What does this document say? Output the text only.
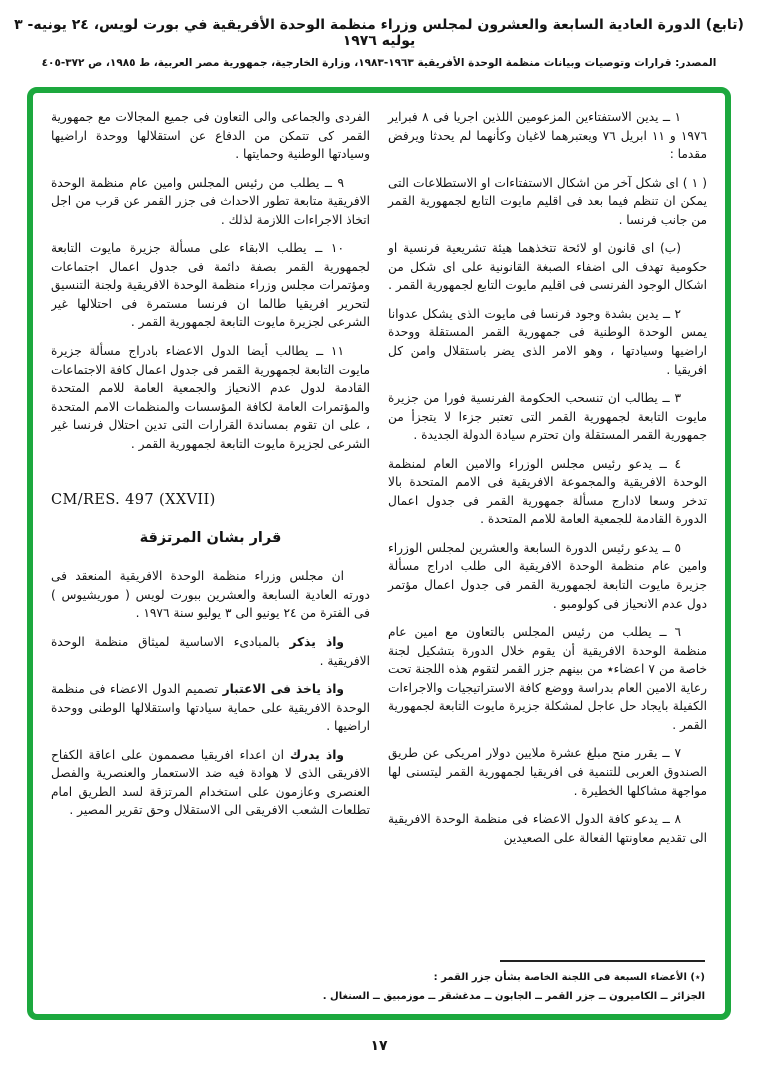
(تابع) الدورة العادية السابعة والعشرون لمجلس وزراء منظمة الوحدة الأفريقية في بورت لويس، ٢٤ يونيه- ٣ يوليه ١٩٧٦
المصدر: قرارات وتوصيات وبيانات منظمة الوحدة الأفريقية ١٩٦٣-١٩٨٣، وزارة الخارجية، جمهورية مصر العربية، ط ١٩٨٥، ص ٣٧٢-٤٠٥

١ ــ يدين الاستفتاءين المزعومين اللذين اجريا فى ٨ فبراير ١٩٧٦ و ١١ ابريل ٧٦ ويعتبرهما لاغيان وكأنهما لم يحدثا ويرفض مقدما :

( ١ ) اى شكل آخر من اشكال الاستفتاءات او الاستطلاعات التى يمكن ان تنظم فيما بعد فى اقليم مايوت التابع لجمهورية القمر من جانب فرنسا .

(ب) اى قانون او لائحة تتخذهما هيئة تشريعية فرنسية او حكومية تهدف الى اضفاء الصبغة القانونية على اى شكل من اشكال الوجود الفرنسى فى اقليم مايوت التابع لجمهورية القمر .

٢ ــ يدين بشدة وجود فرنسا فى مايوت الذى يشكل عدوانا يمس الوحدة الوطنية فى جمهورية القمر المستقلة ووحدة اراضيها وسيادتها ، وهو الامر الذى يضر باستقلال وامن كل افريقيا .

٣ ــ يطالب ان تنسحب الحكومة الفرنسية فورا من جزيرة مايوت التابعة لجمهورية القمر التى تعتبر جزءا لا يتجزأ من جمهورية القمر المستقلة وان تحترم سيادة الدولة الجديدة .

٤ ــ يدعو رئيس مجلس الوزراء والامين العام لمنظمة الوحدة الافريقية والمجموعة الافريقية فى الامم المتحدة بالا تدخر وسعا لادارج مسألة جمهورية القمر فى جدول اعمال الدورة القادمة للجمعية العامة للامم المتحدة .

٥ ــ يدعو رئيس الدورة السابعة والعشرين لمجلس الوزراء وامين عام منظمة الوحدة الافريقية الى طلب ادراج مسألة جزيرة مايوت التابعة لجمهورية القمر فى جدول اعمال مؤتمر دول عدم الانحياز فى كولومبو .

٦ ــ يطلب من رئيس المجلس بالتعاون مع امين عام منظمة الوحدة الافريقية أن يقوم خلال الدورة بتشكيل لجنة خاصة من ٧ اعضاء٭ من بينهم جزر القمر لتقوم هذه اللجنة تحت رعاية الامين العام بدراسة ووضع كافة الاستراتيجيات والاجراءات الكفيلة بايجاد حل عاجل لمشكلة جزيرة مايوت التابعة لجمهورية القمر .

٧ ــ يقرر منح مبلغ عشرة ملايين دولار امريكى عن طريق الصندوق العربى للتنمية فى افريقيا لجمهورية القمر ليتسنى لها مواجهة مشاكلها الخطيرة .

٨ ــ يدعو كافة الدول الاعضاء فى منظمة الوحدة الافريقية الى تقديم معاونتها الفعالة على الصعيدين

الفردى والجماعى والى التعاون فى جميع المجالات مع جمهورية القمر كى تتمكن من الدفاع عن استقلالها ووحدة اراضيها وسيادتها الوطنية وحمايتها .

٩ ــ يطلب من رئيس المجلس وامين عام منظمة الوحدة الافريقية متابعة تطور الاحداث فى جزر القمر عن قرب من اجل اتخاذ الاجراءات اللازمة لذلك .

١٠ ــ يطلب الابقاء على مسألة جزيرة مايوت التابعة لجمهورية القمر بصفة دائمة فى جدول اعمال اجتماعات ومؤتمرات مجلس وزراء منظمة الوحدة الافريقية ولجنة التنسيق لتحرير افريقيا طالما ان فرنسا مستمرة فى احتلالها غير الشرعى لجزيرة مايوت التابعة لجمهورية القمر .

١١ ــ يطالب أيضا الدول الاعضاء بادراج مسألة جزيرة مايوت التابعة لجمهورية القمر فى جدول اعمال كافة الاجتماعات القادمة لدول عدم الانحياز والجمعية العامة للامم المتحدة والمؤتمرات العامة لكافة المؤسسات والمنظمات الامم المتحدة ، على ان تقوم بمساندة القرارات التى تدين احتلال فرنسا غير الشرعى لجزيرة مايوت التابعة لجمهورية القمر .

CM/RES. 497 (XXVII)
قرار بشان المرتزقة

ان مجلس وزراء منظمة الوحدة الافريقية المنعقد فى دورته العادية السابعة والعشرين ببورت لويس ( موريشيوس ) فى الفترة من ٢٤ يونيو الى ٣ يوليو سنة ١٩٧٦ .

واذ يذكر بالمبادىء الاساسية لميثاق منظمة الوحدة الافريقية .

واذ ياخذ فى الاعتبار تصميم الدول الاعضاء فى منظمة الوحدة الافريقية على حماية سيادتها واستقلالها الوطنى ووحدة اراضيها .

واذ يدرك ان اعداء افريقيا مصممون على اعاقة الكفاح الافريقى الذى لا هوادة فيه ضد الاستعمار والعنصرية والفصل العنصرى وعازمون على استخدام المرتزقة لسد الطريق امام تطلعات الشعب الافريقى الى الاستقلال وحق تقرير المصير .

(٭) الأعضاء السبعة فى اللجنة الخاصة بشأن جزر القمر :
الجزائر ــ الكاميرون ــ جزر القمر ــ الجابون ــ مدغشقر ــ موزمبيق ــ السنغال .
١٧
